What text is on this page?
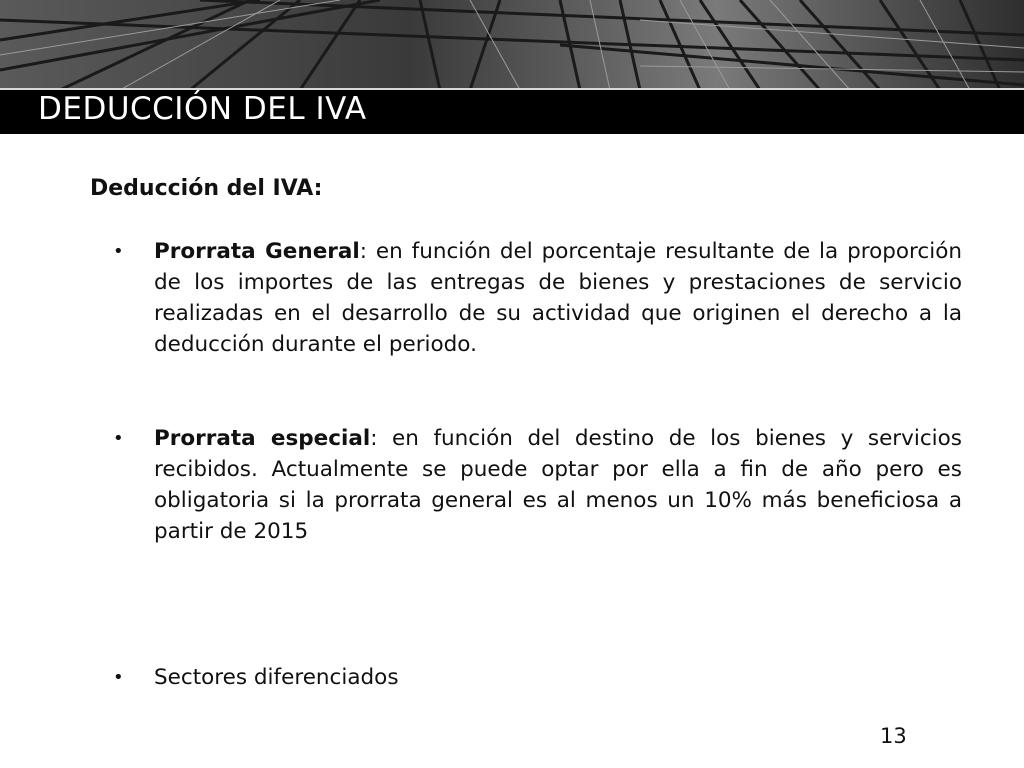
DEDUCCIÓN DEL IVA
Deducción del IVA:
• Prorrata General: en función del porcentaje resultante de la proporción de los importes de las entregas de bienes y prestaciones de servicio realizadas en el desarrollo de su actividad que originen el derecho a la deducción durante el periodo.
• Prorrata especial: en función del destino de los bienes y servicios recibidos. Actualmente se puede optar por ella a fin de año pero es obligatoria si la prorrata general es al menos un 10% más beneficiosa a partir de 2015
• Sectores diferenciados
13
